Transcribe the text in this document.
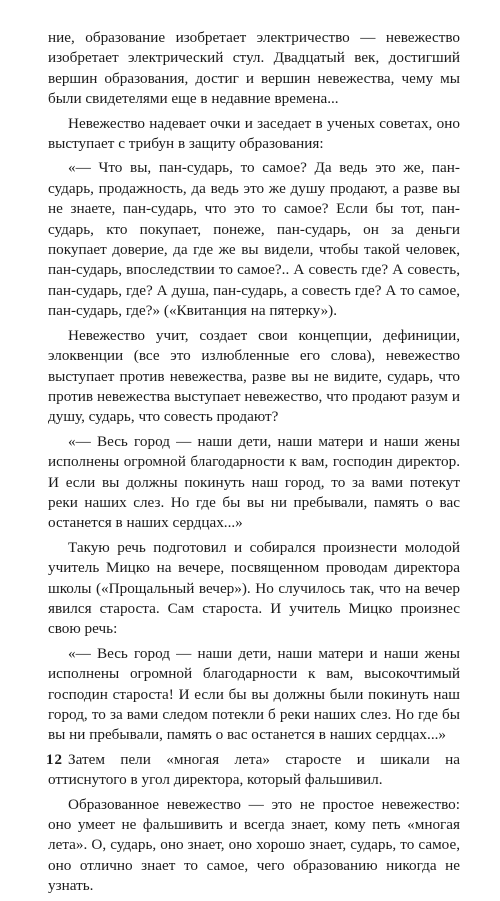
ние, образование изобретает электричество — невежество изобретает электрический стул. Двадцатый век, достигший вершин образования, достиг и вершин невежества, чему мы были свидетелями еще в недавние времена...

Невежество надевает очки и заседает в ученых советах, оно выступает с трибун в защиту образования:

«— Что вы, пан-сударь, то самое? Да ведь это же, пан-сударь, продажность, да ведь это же душу продают, а разве вы не знаете, пан-сударь, что это то самое? Если бы тот, пан-сударь, кто покупает, понеже, пан-сударь, он за деньги покупает доверие, да где же вы видели, чтобы такой человек, пан-сударь, впоследствии то самое?.. А совесть где? А совесть, пан-сударь, где? А душа, пан-сударь, а совесть где? А то самое, пан-сударь, где?» («Квитанция на пятерку»).

Невежество учит, создает свои концепции, дефиниции, элоквенции (все это излюбленные его слова), невежество выступает против невежества, разве вы не видите, сударь, что против невежества выступает невежество, что продают разум и душу, сударь, что совесть продают?

«— Весь город — наши дети, наши матери и наши жены исполнены огромной благодарности к вам, господин директор. И если вы должны покинуть наш город, то за вами потекут реки наших слез. Но где бы вы ни пребывали, память о вас останется в наших сердцах...»

Такую речь подготовил и собирался произнести молодой учитель Мицко на вечере, посвященном проводам директора школы («Прощальный вечер»). Но случилось так, что на вечер явился староста. Сам староста. И учитель Мицко произнес свою речь:

«— Весь город — наши дети, наши матери и наши жены исполнены огромной благодарности к вам, высокочтимый господин староста! И если бы вы должны были покинуть наш город, то за вами следом потекли б реки наших слез. Но где бы вы ни пребывали, память о вас останется в наших сердцах...»

Затем пели «многая лета» старосте и шикали на оттиснутого в угол директора, который фальшивил.

Образованное невежество — это не простое невежество: оно умеет не фальшивить и всегда знает, кому петь «многая лета». О, сударь, оно знает, оно хорошо знает, сударь, то самое, оно отлично знает то самое, чего образованию никогда не узнать.

12
